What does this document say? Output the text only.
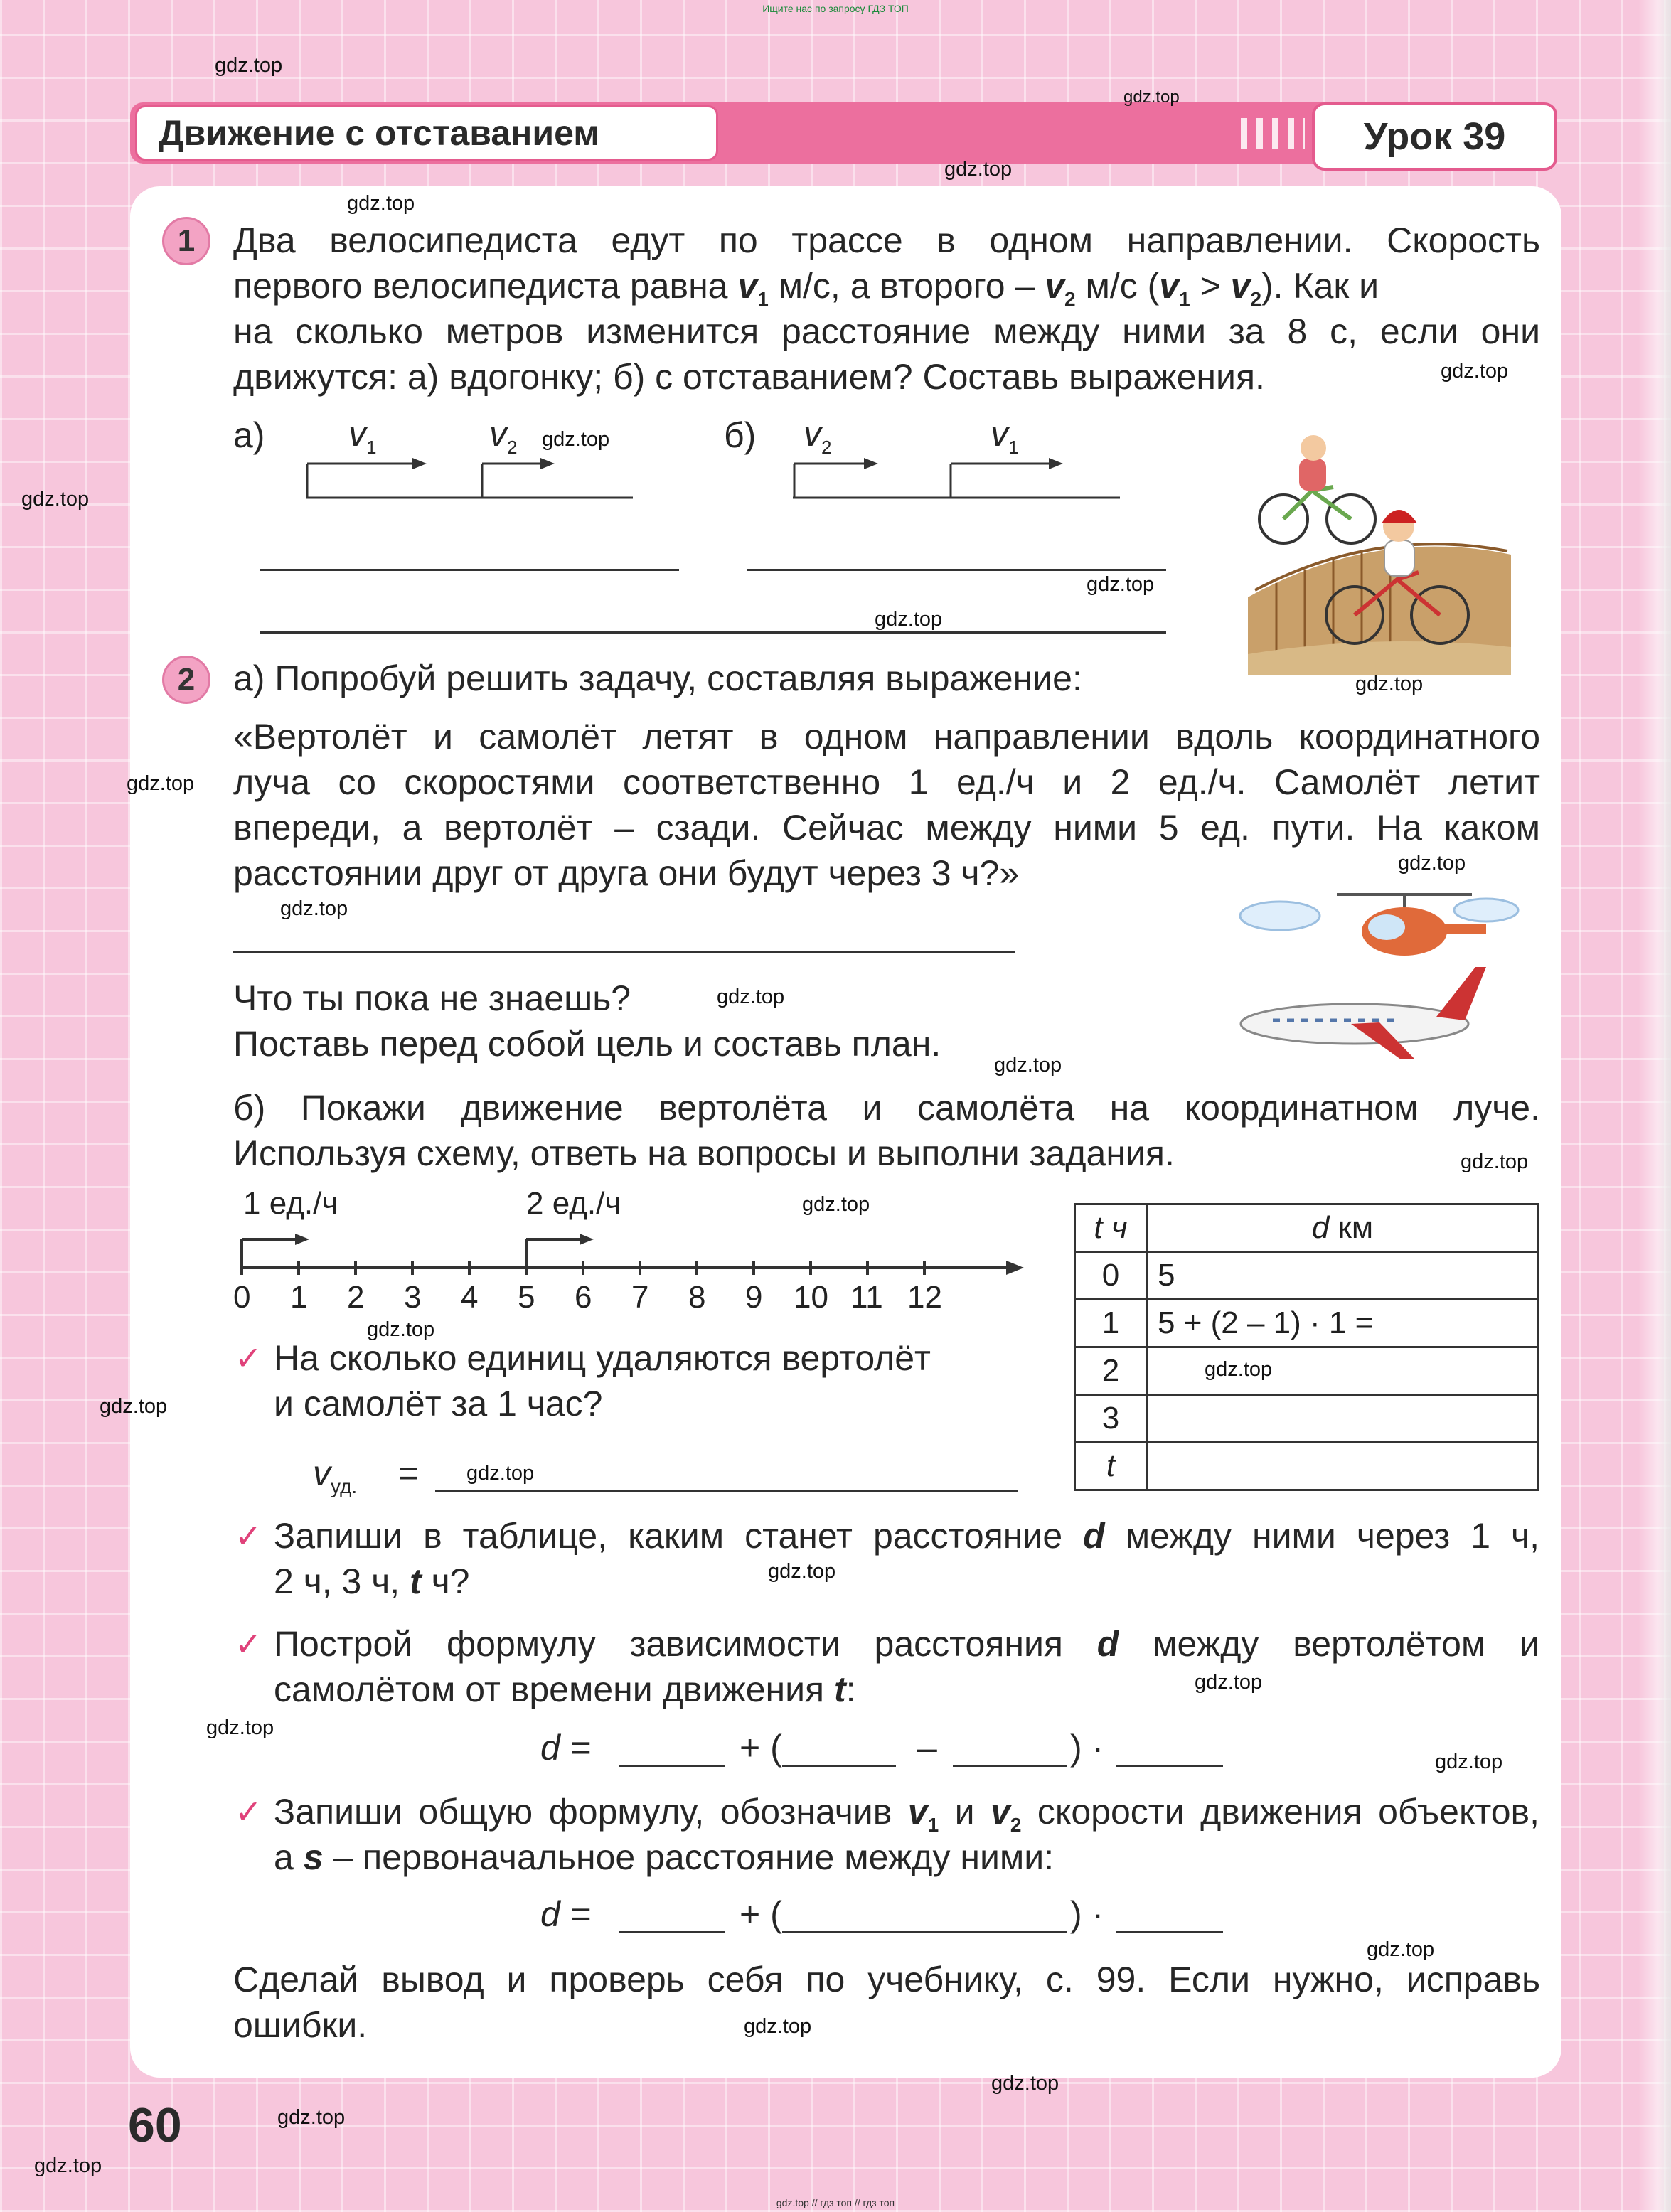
Ищите нас по запросу ГДЗ ТОП
Движение с отставанием	Урок 39
1	Два велосипедиста едут по трассе в одном направлении. Скорость
первого велосипедиста равна $v_1$ м/с, а второго – $v_2$ м/с $(v_1 > v_2)$. Как и
на сколько метров изменится расстояние между ними за 8 с, если они
движутся: а) вдогонку; б) с отставанием? Составь выражения.
а) $v_1$	$v_2$	б) $v_2$	$v_1$
2	а) Попробуй решить задачу, составляя выражение:
«Вертолёт и самолёт летят в одном направлении вдоль координатного
луча со скоростями соответственно 1 ед./ч и 2 ед./ч. Самолёт летит
впереди, а вертолёт – сзади. Сейчас между ними 5 ед. пути. На каком
расстоянии друг от друга они будут через 3 ч?»
Что ты пока не знаешь?
Поставь перед собой цель и составь план.
б) Покажи движение вертолёта и самолёта на координатном луче.
Используя схему, ответь на вопросы и выполни задания.
1 ед./ч	2 ед./ч
0 1 2 3 4 5 6 7 8 9 10 11 12
t ч	d км
0	5
1	5 + (2 – 1) · 1 =
2	
3	
t	
✓ На сколько единиц удаляются вертолёт
и самолёт за 1 час?
$v_{уд.}$ =
✓ Запиши в таблице, каким станет расстояние d между ними через 1 ч,
2 ч, 3 ч, t ч?
✓ Построй формулу зависимости расстояния d между вертолётом и
самолётом от времени движения t:
d =	+ (	–	) ·
✓ Запиши общую формулу, обозначив $v_1$ и $v_2$ скорости движения объектов,
а s – первоначальное расстояние между ними:
d =	+ (	) ·
Сделай вывод и проверь себя по учебнику, с. 99. Если нужно, исправь
ошибки.
60
gdz.top
gdz.top
gdz.top
gdz.top
gdz.top
gdz.top
gdz.top
gdz.top
gdz.top
gdz.top
gdz.top
gdz.top
gdz.top
gdz.top
gdz.top
gdz.top
gdz.top
gdz.top
gdz.top
gdz.top
gdz.top
gdz.top
gdz.top
gdz.top
gdz.top
gdz.top
gdz.top
gdz.top
gdz.top
gdz.top
gdz.top // гдз топ // гдз топ
